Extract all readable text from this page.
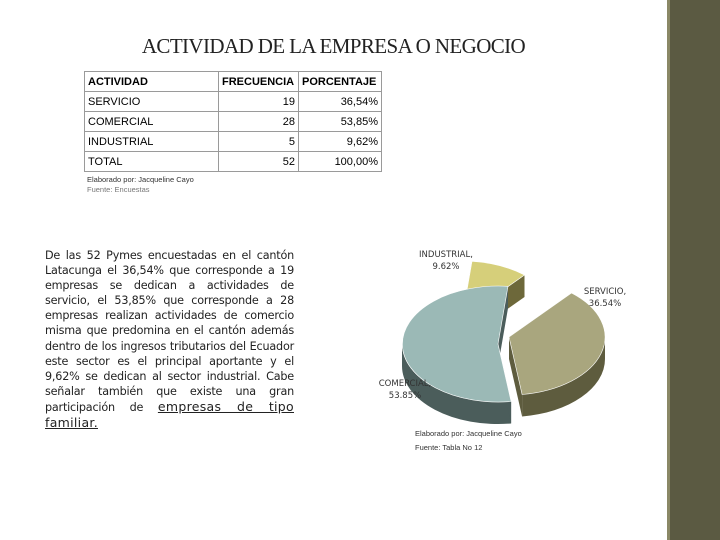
ACTIVIDAD DE LA EMPRESA O NEGOCIO
ACTIVIDAD	FRECUENCIA	PORCENTAJE
SERVICIO	19	36,54%
COMERCIAL	28	53,85%
INDUSTRIAL	5	9,62%
TOTAL	52	100,00%
Elaborado por: Jacqueline Cayo
Fuente: Encuestas
De las 52 Pymes encuestadas en el cantón Latacunga el 36,54% que corresponde a 19 empresas se dedican a actividades de servicio, el 53,85% que corresponde a 28 empresas realizan actividades de comercio misma que predomina en el cantón además dentro de los ingresos tributarios del Ecuador este sector es el principal aportante y el 9,62% se dedican al sector industrial. Cabe señalar también que existe una gran participación de empresas de tipo familiar.
SERVICIO, 36.54%
COMERCIAL, 53.85%
INDUSTRIAL, 9.62%
Elaborado por: Jacqueline Cayo
Fuente: Tabla No 12
